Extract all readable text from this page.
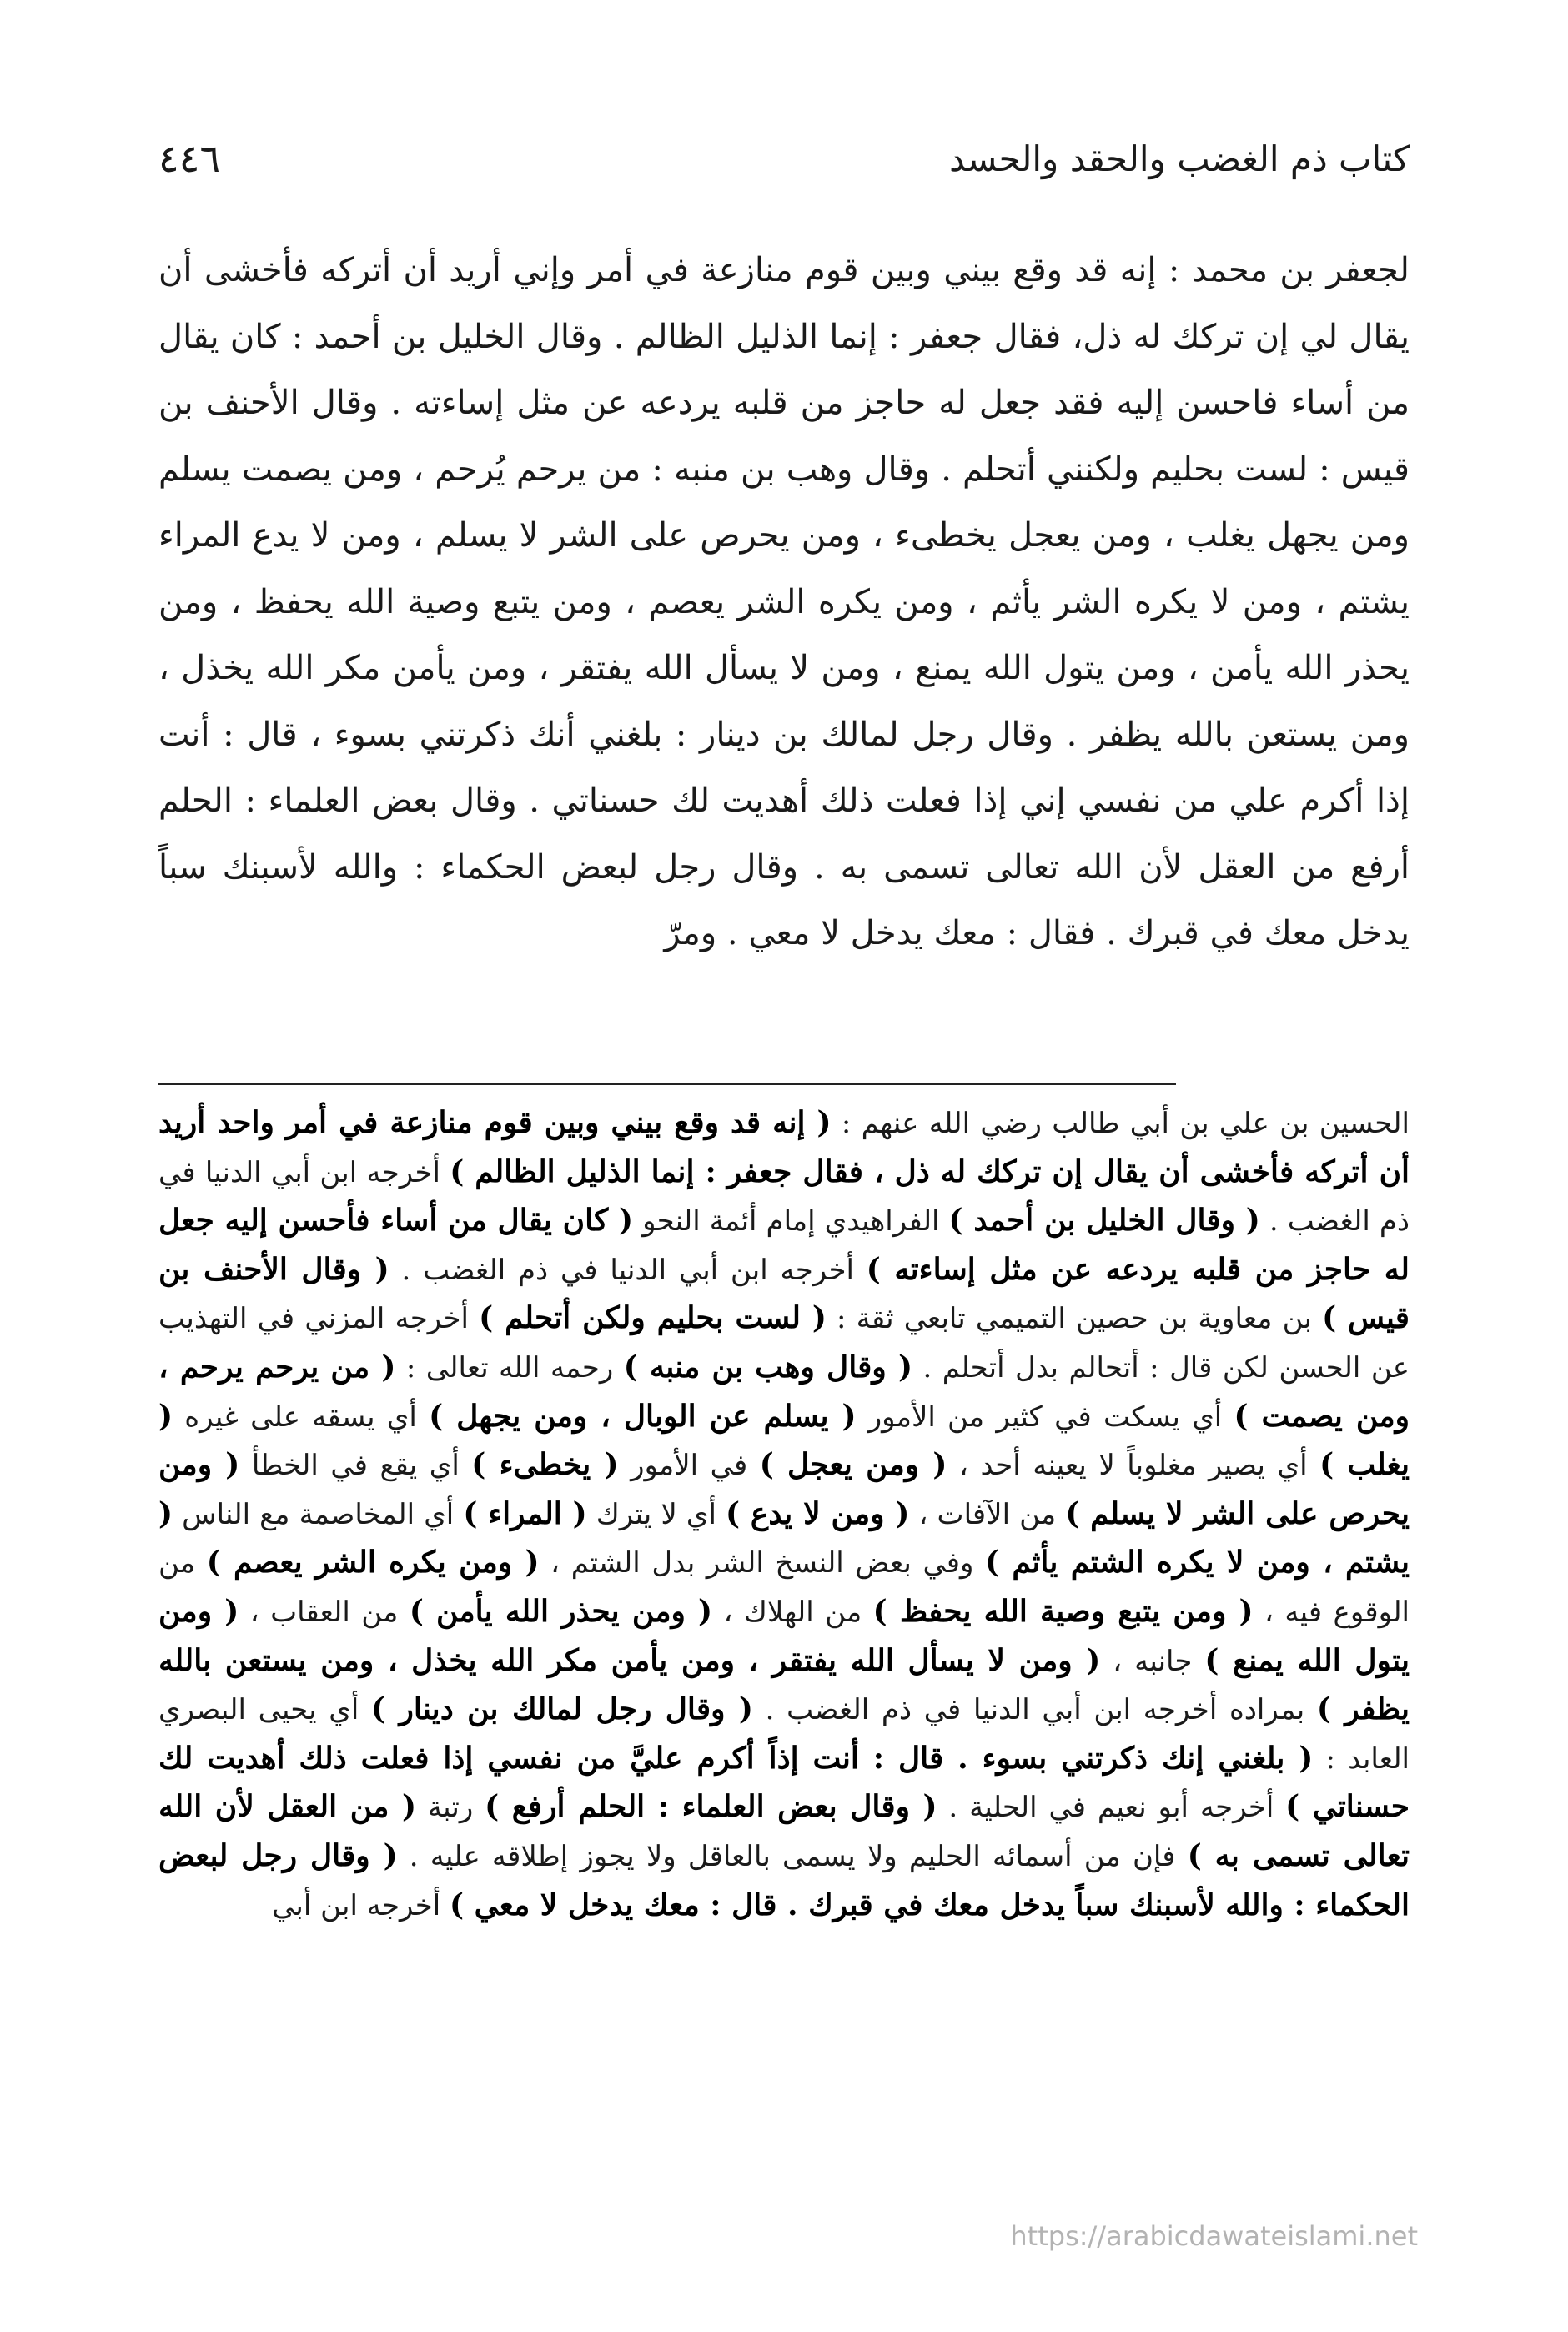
٤٤٦	كتاب ذم الغضب والحقد والحسد

لجعفر بن محمد : إنه قد وقع بيني وبين قوم منازعة في أمر وإني أريد أن أتركه فأخشى أن يقال لي إن تركك له ذل، فقال جعفر : إنما الذليل الظالم . وقال الخليل بن أحمد : كان يقال من أساء فاحسن إليه فقد جعل له حاجز من قلبه يردعه عن مثل إساءته . وقال الأحنف بن قيس : لست بحليم ولكنني أتحلم . وقال وهب بن منبه : من يرحم يُرحم ، ومن يصمت يسلم ومن يجهل يغلب ، ومن يعجل يخطىء ، ومن يحرص على الشر لا يسلم ، ومن لا يدع المراء يشتم ، ومن لا يكره الشر يأثم ، ومن يكره الشر يعصم ، ومن يتبع وصية الله يحفظ ، ومن يحذر الله يأمن ، ومن يتول الله يمنع ، ومن لا يسأل الله يفتقر ، ومن يأمن مكر الله يخذل ، ومن يستعن بالله يظفر . وقال رجل لمالك بن دينار : بلغني أنك ذكرتني بسوء ، قال : أنت إذا أكرم علي من نفسي إني إذا فعلت ذلك أهديت لك حسناتي . وقال بعض العلماء : الحلم أرفع من العقل لأن الله تعالى تسمى به . وقال رجل لبعض الحكماء : والله لأسبنك سباً يدخل معك في قبرك . فقال : معك يدخل لا معي . ومرّ

الحسين بن علي بن أبي طالب رضي الله عنهم : ( إنه قد وقع بيني وبين قوم منازعة في أمر واحد أريد أن أتركه فأخشى أن يقال إن تركك له ذل ، فقال جعفر : إنما الذليل الظالم ) أخرجه ابن أبي الدنيا في ذم الغضب . ( وقال الخليل بن أحمد ) الفراهيدي إمام أئمة النحو ( كان يقال من أساء فأحسن إليه جعل له حاجز من قلبه يردعه عن مثل إساءته ) أخرجه ابن أبي الدنيا في ذم الغضب . ( وقال الأحنف بن قيس ) بن معاوية بن حصين التميمي تابعي ثقة : ( لست بحليم ولكن أتحلم ) أخرجه المزني في التهذيب عن الحسن لكن قال : أتحالم بدل أتحلم . ( وقال وهب بن منبه ) رحمه الله تعالى : ( من يرحم يرحم ، ومن يصمت ) أي يسكت في كثير من الأمور ( يسلم عن الوبال ، ومن يجهل ) أي يسقه على غيره ( يغلب ) أي يصير مغلوباً لا يعينه أحد ، ( ومن يعجل ) في الأمور ( يخطىء ) أي يقع في الخطأ ( ومن يحرص على الشر لا يسلم ) من الآفات ، ( ومن لا يدع ) أي لا يترك ( المراء ) أي المخاصمة مع الناس ( يشتم ، ومن لا يكره الشتم يأثم ) وفي بعض النسخ الشر بدل الشتم ، ( ومن يكره الشر يعصم ) من الوقوع فيه ، ( ومن يتبع وصية الله يحفظ ) من الهلاك ، ( ومن يحذر الله يأمن ) من العقاب ، ( ومن يتول الله يمنع ) جانبه ، ( ومن لا يسأل الله يفتقر ، ومن يأمن مكر الله يخذل ، ومن يستعن بالله يظفر ) بمراده أخرجه ابن أبي الدنيا في ذم الغضب . ( وقال رجل لمالك بن دينار ) أي يحيى البصري العابد : ( بلغني إنك ذكرتني بسوء . قال : أنت إذاً أكرم عليَّ من نفسي إذا فعلت ذلك أهديت لك حسناتي ) أخرجه أبو نعيم في الحلية . ( وقال بعض العلماء : الحلم أرفع ) رتبة ( من العقل لأن الله تعالى تسمى به ) فإن من أسمائه الحليم ولا يسمى بالعاقل ولا يجوز إطلاقه عليه . ( وقال رجل لبعض الحكماء : والله لأسبنك سباً يدخل معك في قبرك . قال : معك يدخل لا معي ) أخرجه ابن أبي

https://arabicdawateislami.net
